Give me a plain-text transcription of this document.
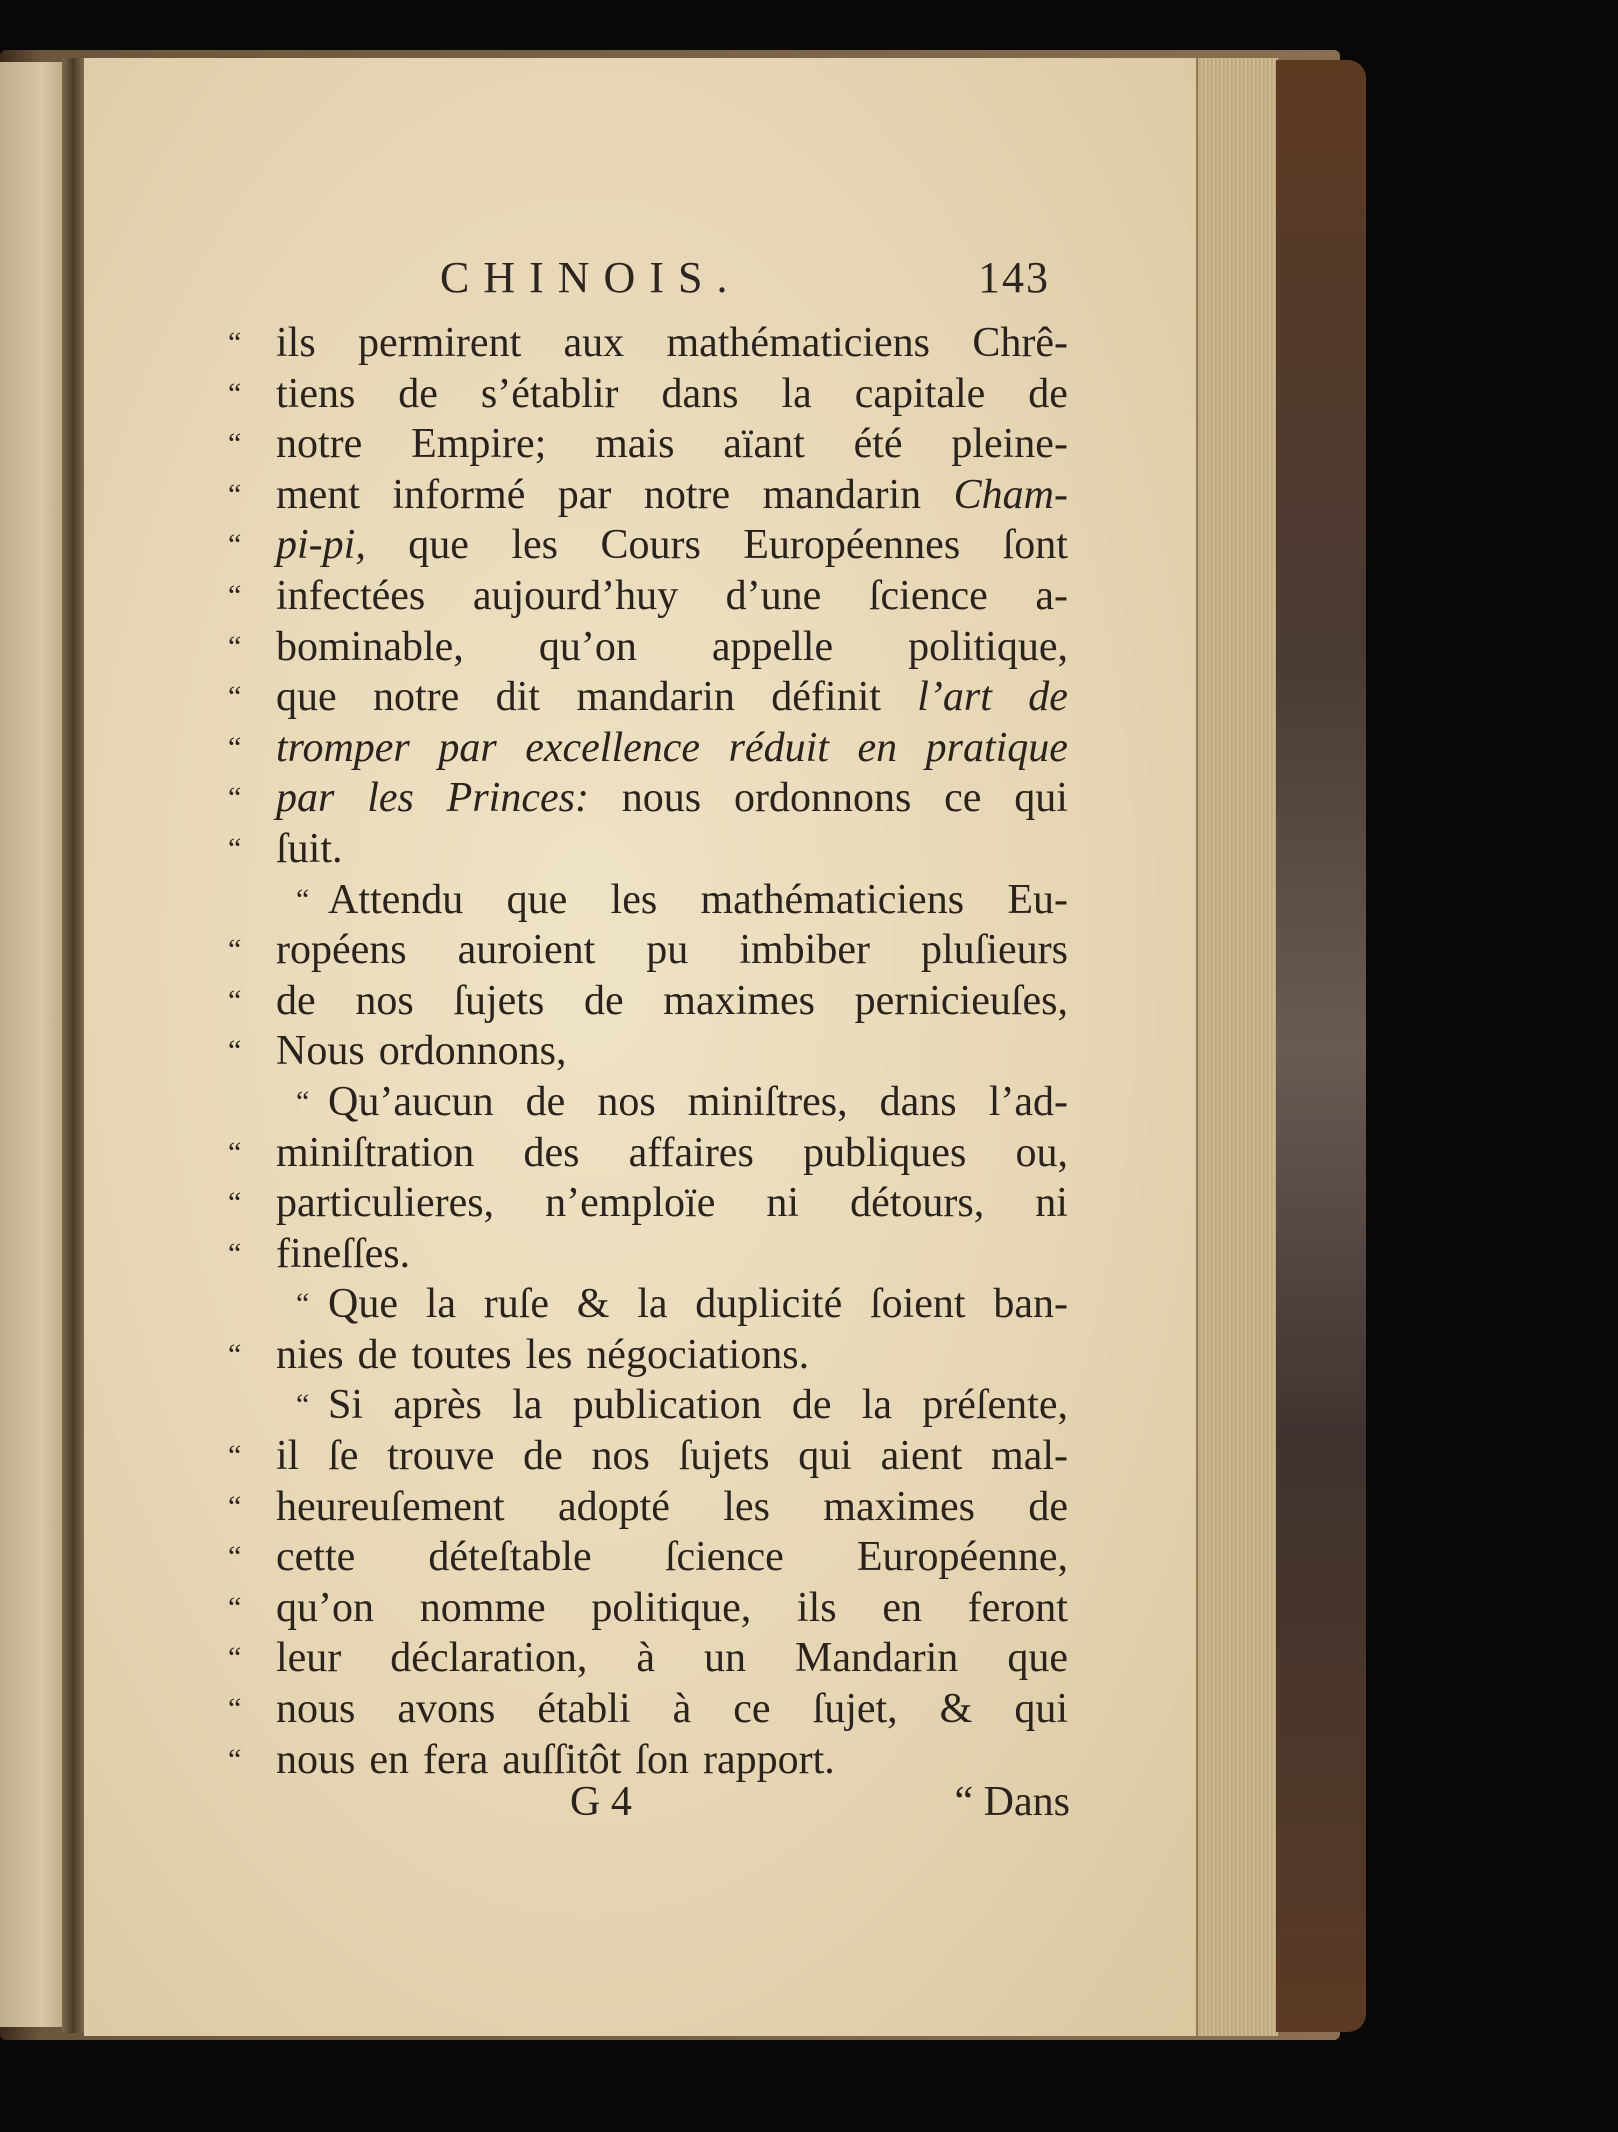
CHINOIS.	143
“ ils permirent aux mathématiciens Chrê-
“ tiens de s’établir dans la capitale de
“ notre Empire; mais aïant été pleine-
“ ment informé par notre mandarin Cham-
“ pi-pi, que les Cours Européennes ſont
“ infectées aujourd’huy d’une ſcience a-
“ bominable, qu’on appelle politique,
“ que notre dit mandarin définit l’art de
“ tromper par excellence réduit en pratique
“ par les Princes: nous ordonnons ce qui
“ ſuit.
“ Attendu que les mathématiciens Eu-
“ ropéens auroient pu imbiber pluſieurs
“ de nos ſujets de maximes pernicieuſes,
“ Nous ordonnons,
“ Qu’aucun de nos miniſtres, dans l’ad-
“ miniſtration des affaires publiques ou,
“ particulieres, n’emploïe ni détours, ni
“ fineſſes.
“ Que la ruſe & la duplicité ſoient ban-
“ nies de toutes les négociations.
“ Si après la publication de la préſente,
“ il ſe trouve de nos ſujets qui aient mal-
“ heureuſement adopté les maximes de
“ cette déteſtable ſcience Européenne,
“ qu’on nomme politique, ils en feront
“ leur déclaration, à un Mandarin que
“ nous avons établi à ce ſujet, & qui
“ nous en fera auſſitôt ſon rapport.
G 4	“ Dans
